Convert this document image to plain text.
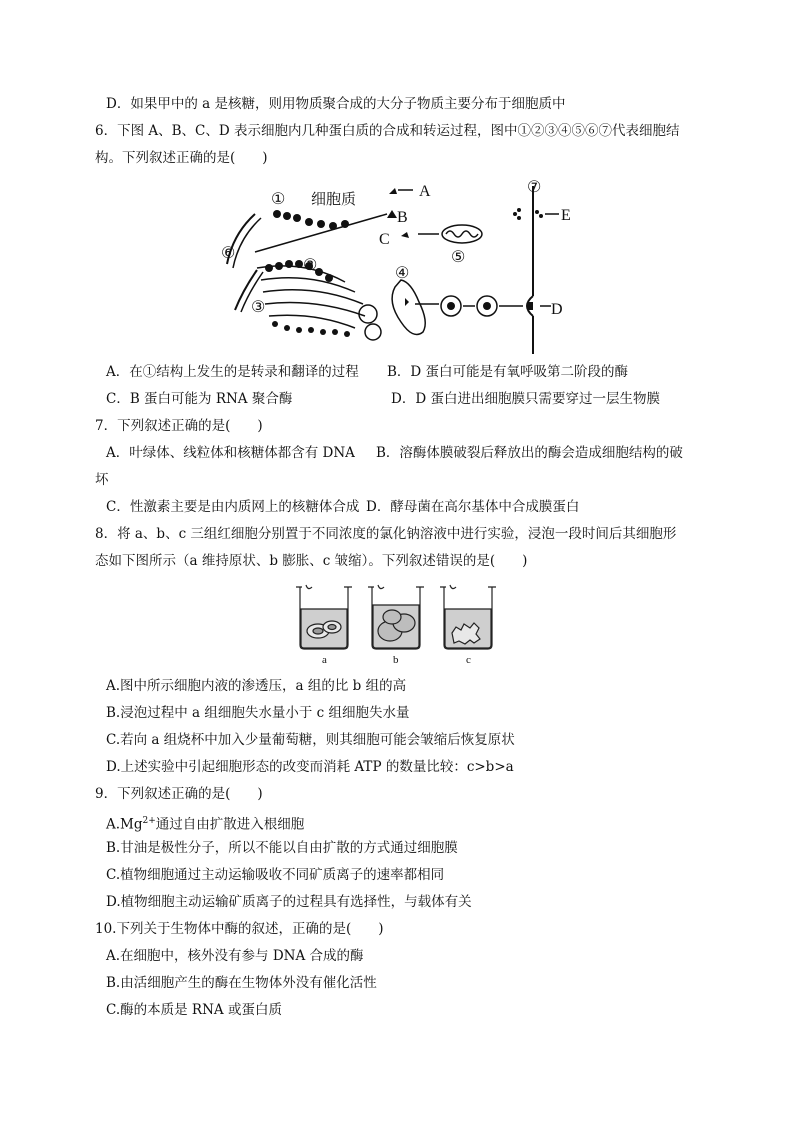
D．如果甲中的 a 是核糖，则用物质聚合成的大分子物质主要分布于细胞质中
6．下图 A、B、C、D 表示细胞内几种蛋白质的合成和转运过程，图中①②③④⑤⑥⑦代表细胞结
构。下列叙述正确的是(　　)
① 细胞质
②
③
④
⑤
⑥
⑦
A
B
C
D
E
A．在①结构上发生的是转录和翻译的过程 B．D 蛋白可能是有氧呼吸第二阶段的酶
C．B 蛋白可能为 RNA 聚合酶	D．D 蛋白进出细胞膜只需要穿过一层生物膜
7．下列叙述正确的是(　　)
A．叶绿体、线粒体和核糖体都含有 DNA B．溶酶体膜破裂后释放出的酶会造成细胞结构的破
坏
C．性激素主要是由内质网上的核糖体合成 D．酵母菌在高尔基体中合成膜蛋白
8．将 a、b、c 三组红细胞分别置于不同浓度的氯化钠溶液中进行实验，浸泡一段时间后其细胞形
态如下图所示（a 维持原状、b 膨胀、c 皱缩）。下列叙述错误的是(　　)
a	b	c
A.图中所示细胞内液的渗透压，a 组的比 b 组的高
B.浸泡过程中 a 组细胞失水量小于 c 组细胞失水量
C.若向 a 组烧杯中加入少量葡萄糖，则其细胞可能会皱缩后恢复原状
D.上述实验中引起细胞形态的改变而消耗 ATP 的数量比较：c>b>a
9．下列叙述正确的是(　　)
$A.Mg^{2+}$通过自由扩散进入根细胞
B.甘油是极性分子，所以不能以自由扩散的方式通过细胞膜
C.植物细胞通过主动运输吸收不同矿质离子的速率都相同
D.植物细胞主动运输矿质离子的过程具有选择性，与载体有关
10.下列关于生物体中酶的叙述，正确的是(　　)
A.在细胞中，核外没有参与 DNA 合成的酶
B.由活细胞产生的酶在生物体外没有催化活性
C.酶的本质是 RNA 或蛋白质
